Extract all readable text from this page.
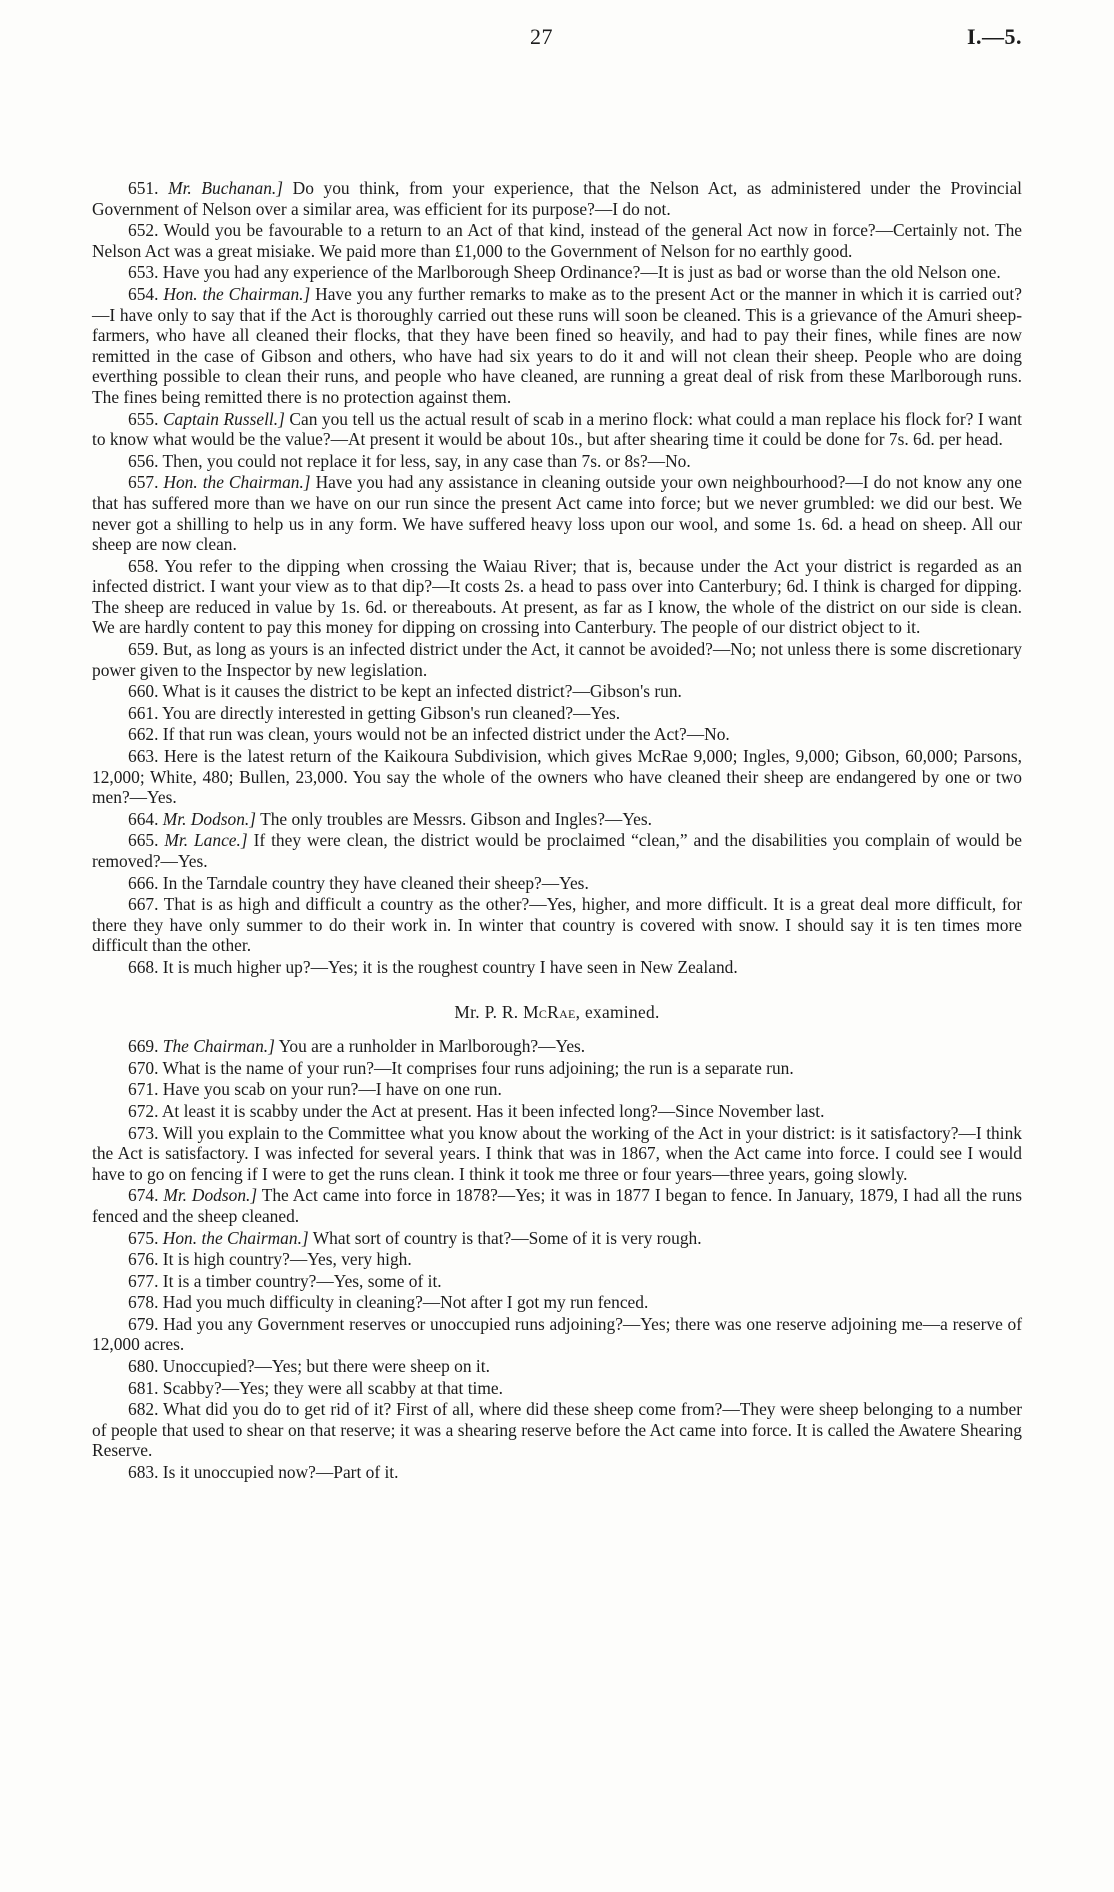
27	I.—5.

651. Mr. Buchanan.] Do you think, from your experience, that the Nelson Act, as administered under the Provincial Government of Nelson over a similar area, was efficient for its purpose?—I do not.

652. Would you be favourable to a return to an Act of that kind, instead of the general Act now in force?—Certainly not. The Nelson Act was a great misiake. We paid more than £1,000 to the Government of Nelson for no earthly good.

653. Have you had any experience of the Marlborough Sheep Ordinance?—It is just as bad or worse than the old Nelson one.

654. Hon. the Chairman.] Have you any further remarks to make as to the present Act or the manner in which it is carried out?—I have only to say that if the Act is thoroughly carried out these runs will soon be cleaned. This is a grievance of the Amuri sheep-farmers, who have all cleaned their flocks, that they have been fined so heavily, and had to pay their fines, while fines are now remitted in the case of Gibson and others, who have had six years to do it and will not clean their sheep. People who are doing everthing possible to clean their runs, and people who have cleaned, are running a great deal of risk from these Marlborough runs. The fines being remitted there is no protection against them.

655. Captain Russell.] Can you tell us the actual result of scab in a merino flock: what could a man replace his flock for? I want to know what would be the value?—At present it would be about 10s., but after shearing time it could be done for 7s. 6d. per head.

656. Then, you could not replace it for less, say, in any case than 7s. or 8s?—No.

657. Hon. the Chairman.] Have you had any assistance in cleaning outside your own neighbourhood?—I do not know any one that has suffered more than we have on our run since the present Act came into force; but we never grumbled: we did our best. We never got a shilling to help us in any form. We have suffered heavy loss upon our wool, and some 1s. 6d. a head on sheep. All our sheep are now clean.

658. You refer to the dipping when crossing the Waiau River; that is, because under the Act your district is regarded as an infected district. I want your view as to that dip?—It costs 2s. a head to pass over into Canterbury; 6d. I think is charged for dipping. The sheep are reduced in value by 1s. 6d. or thereabouts. At present, as far as I know, the whole of the district on our side is clean. We are hardly content to pay this money for dipping on crossing into Canterbury. The people of our district object to it.

659. But, as long as yours is an infected district under the Act, it cannot be avoided?—No; not unless there is some discretionary power given to the Inspector by new legislation.

660. What is it causes the district to be kept an infected district?—Gibson's run.

661. You are directly interested in getting Gibson's run cleaned?—Yes.

662. If that run was clean, yours would not be an infected district under the Act?—No.

663. Here is the latest return of the Kaikoura Subdivision, which gives McRae 9,000; Ingles, 9,000; Gibson, 60,000; Parsons, 12,000; White, 480; Bullen, 23,000. You say the whole of the owners who have cleaned their sheep are endangered by one or two men?—Yes.

664. Mr. Dodson.] The only troubles are Messrs. Gibson and Ingles?—Yes.

665. Mr. Lance.] If they were clean, the district would be proclaimed “clean,” and the disabilities you complain of would be removed?—Yes.

666. In the Tarndale country they have cleaned their sheep?—Yes.

667. That is as high and difficult a country as the other?—Yes, higher, and more difficult. It is a great deal more difficult, for there they have only summer to do their work in. In winter that country is covered with snow. I should say it is ten times more difficult than the other.

668. It is much higher up?—Yes; it is the roughest country I have seen in New Zealand.

Mr. P. R. McRae, examined.

669. The Chairman.] You are a runholder in Marlborough?—Yes.

670. What is the name of your run?—It comprises four runs adjoining; the run is a separate run.

671. Have you scab on your run?—I have on one run.

672. At least it is scabby under the Act at present. Has it been infected long?—Since November last.

673. Will you explain to the Committee what you know about the working of the Act in your district: is it satisfactory?—I think the Act is satisfactory. I was infected for several years. I think that was in 1867, when the Act came into force. I could see I would have to go on fencing if I were to get the runs clean. I think it took me three or four years—three years, going slowly.

674. Mr. Dodson.] The Act came into force in 1878?—Yes; it was in 1877 I began to fence. In January, 1879, I had all the runs fenced and the sheep cleaned.

675. Hon. the Chairman.] What sort of country is that?—Some of it is very rough.

676. It is high country?—Yes, very high.

677. It is a timber country?—Yes, some of it.

678. Had you much difficulty in cleaning?—Not after I got my run fenced.

679. Had you any Government reserves or unoccupied runs adjoining?—Yes; there was one reserve adjoining me—a reserve of 12,000 acres.

680. Unoccupied?—Yes; but there were sheep on it.

681. Scabby?—Yes; they were all scabby at that time.

682. What did you do to get rid of it? First of all, where did these sheep come from?—They were sheep belonging to a number of people that used to shear on that reserve; it was a shearing reserve before the Act came into force. It is called the Awatere Shearing Reserve.

683. Is it unoccupied now?—Part of it.
